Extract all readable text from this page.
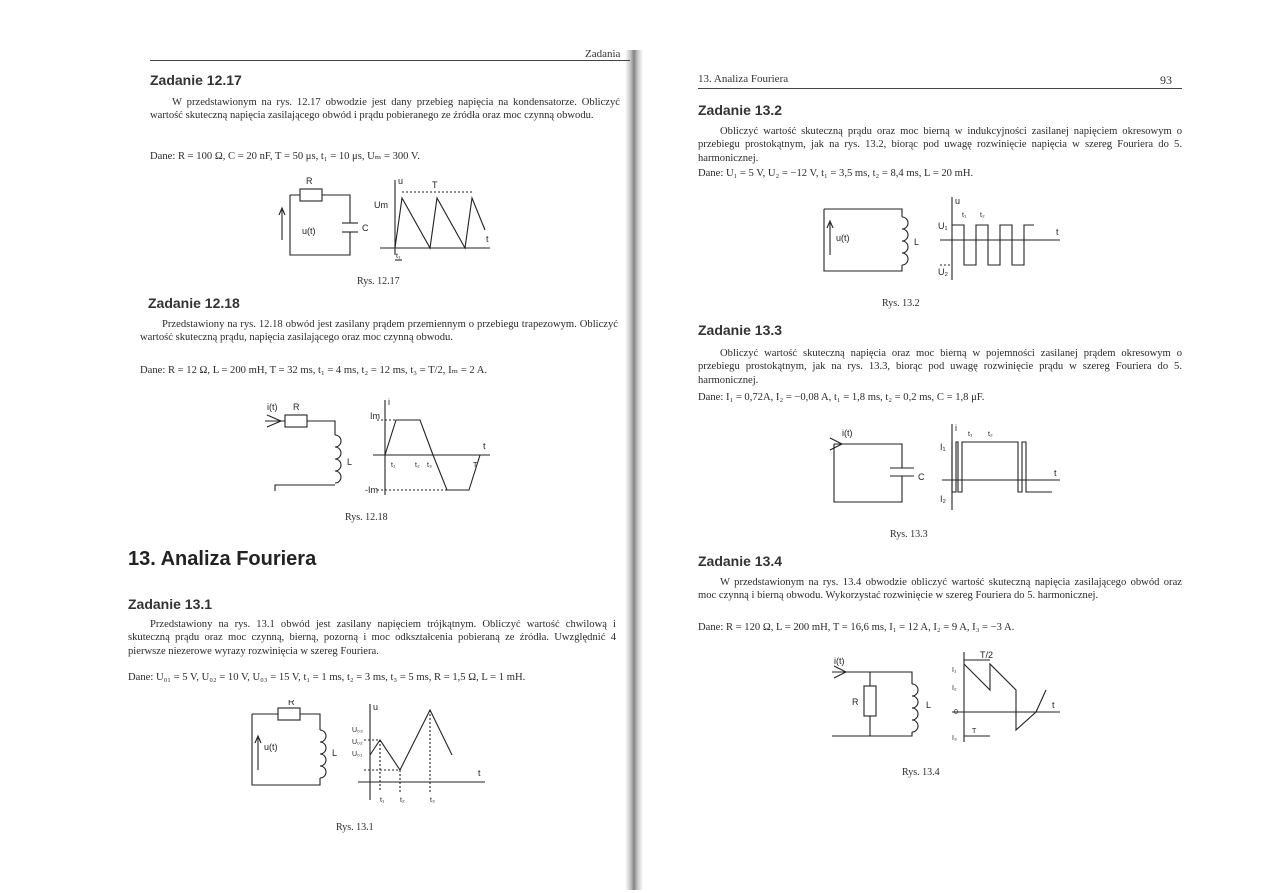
Zadania
Zadanie 12.17

W przedstawionym na rys. 12.17 obwodzie jest dany przebieg napięcia na kondensatorze. Obliczyć wartość skuteczną napięcia zasilającego obwód i prądu pobieranego ze źródła oraz moc czynną obwodu.

Dane: R = 100 Ω, C = 20 nF, T = 50 μs, t₁ = 10 μs, Uₘ = 300 V.
R
u(t)	C
Um
u	T
t
t₁
Rys. 12.17
Zadanie 12.18

Przedstawiony na rys. 12.18 obwód jest zasilany prądem przemiennym o przebiegu trapezowym. Obliczyć wartość skuteczną prądu, napięcia zasilającego oraz moc czynną obwodu.

Dane: R = 12 Ω, L = 200 mH, T = 32 ms, t₁ = 4 ms, t₂ = 12 ms, t₃ = T/2, Iₘ = 2 A.
i(t) R
L
i
Im
-Im
t
t₁	t₂ t₃	T
Rys. 12.18
13. Analiza Fouriera
Zadanie 13.1

Przedstawiony na rys. 13.1 obwód jest zasilany napięciem trójkątnym. Obliczyć wartość chwilową i skuteczną prądu oraz moc czynną, bierną, pozorną i moc odkształcenia pobieraną ze źródła. Uwzględnić 4 pierwsze niezerowe wyrazy rozwinięcia w szereg Fouriera.

Dane: U₀₁ = 5 V, U₀₂ = 10 V, U₀₃ = 15 V, t₁ = 1 ms, t₂ = 3 ms, t₃ = 5 ms, R = 1,5 Ω, L = 1 mH.
R
u(t)
L
u
U₀₃
U₀₂
U₀₁
t
t₁ t₂	t₃
Rys. 13.1
13. Analiza Fouriera	93
Zadanie 13.2

Obliczyć wartość skuteczną prądu oraz moc bierną w indukcyjności zasilanej napięciem okresowym o przebiegu prostokątnym, jak na rys. 13.2, biorąc pod uwagę rozwinięcie napięcia w szereg Fouriera do 5. harmonicznej.

Dane: U₁ = 5 V, U₂ = −12 V, t₁ = 3,5 ms, t₂ = 8,4 ms, L = 20 mH.
u(t)	L
U₁
U₂
u
t
t₁ t₂
Rys. 13.2
Zadanie 13.3

Obliczyć wartość skuteczną napięcia oraz moc bierną w pojemności zasilanej prądem okresowym o przebiegu prostokątnym, jak na rys. 13.3, biorąc pod uwagę rozwinięcie prądu w szereg Fouriera do 5. harmonicznej.

Dane: I₁ = 0,72A, I₂ = −0,08 A, t₁ = 1,8 ms, t₂ = 0,2 ms, C = 1,8 μF.
i(t)
C
I₁
I₂
i
t
t₁ t₂
Rys. 13.3
Zadanie 13.4

W przedstawionym na rys. 13.4 obwodzie obliczyć wartość skuteczną napięcia zasilającego obwód oraz moc czynną i bierną obwodu. Wykorzystać rozwinięcie w szereg Fouriera do 5. harmonicznej.

Dane: R = 120 Ω, L = 200 mH, T = 16,6 ms, I₁ = 12 A, I₂ = 9 A, I₃ = −3 A.
i(t)
R	L
T/2
T
I₁
I₂
0
I₃
t
Rys. 13.4
